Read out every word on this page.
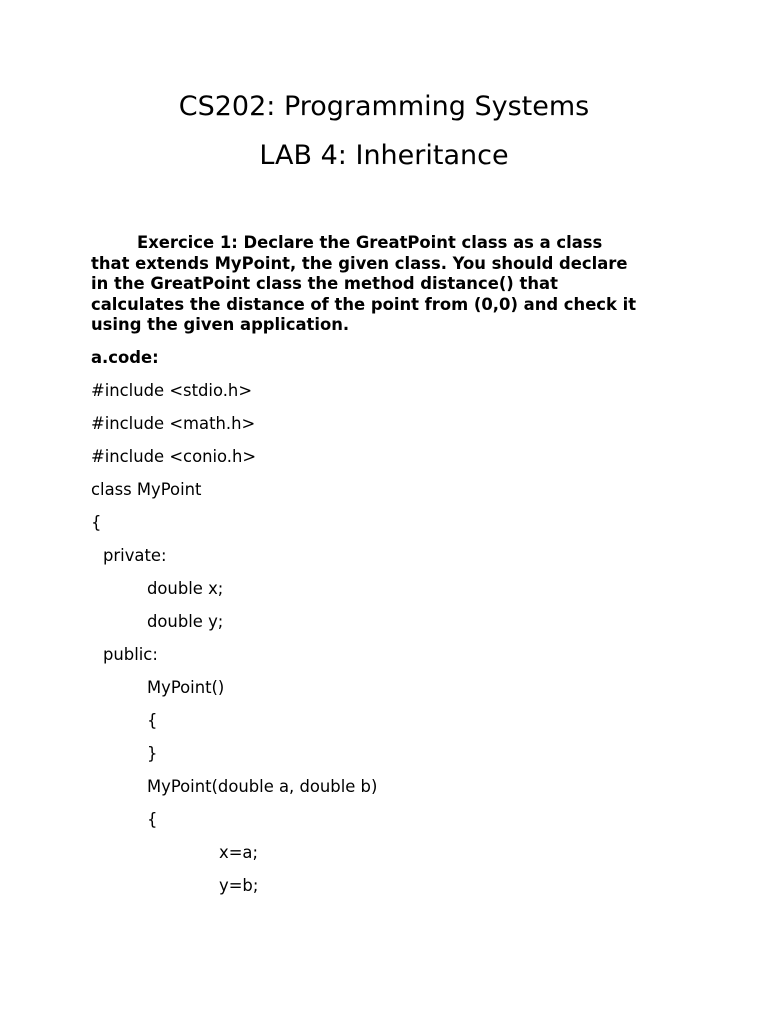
CS202: Programming Systems
LAB 4: Inheritance
Exercice 1: Declare the GreatPoint class as a class
that extends MyPoint, the given class. You should declare
in the GreatPoint class the method distance() that
calculates the distance of the point from (0,0) and check it
using the given application.
a.code:
#include <stdio.h>
#include <math.h>
#include <conio.h>
class MyPoint
{
private:
double x;
double y;
public:
MyPoint()
{
}
MyPoint(double a, double b)
{
x=a;
y=b;
